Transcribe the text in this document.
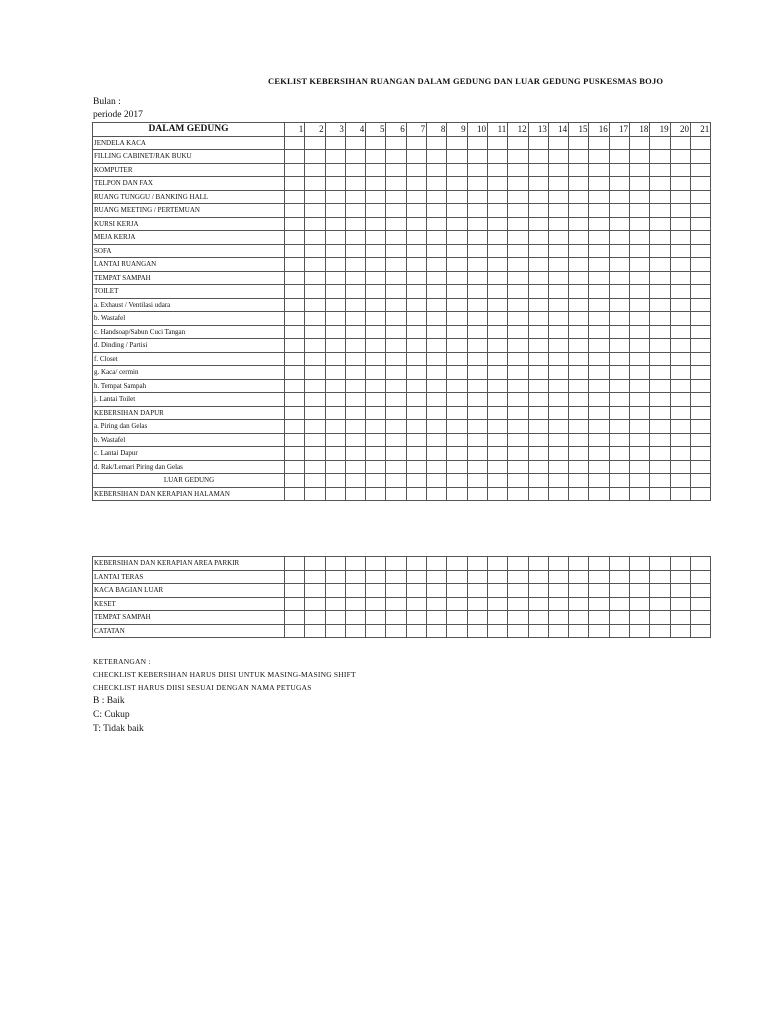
CEKLIST KEBERSIHAN RUANGAN DALAM GEDUNG DAN LUAR GEDUNG PUSKESMAS BOJO
Bulan :
periode 2017
DALAM GEDUNG	1	2	3	4	5	6	7	8	9	10	11	12	13	14	15	16	17	18	19	20	21
JENDELA KACA																					
FILLING CABINET/RAK BUKU																					
KOMPUTER																					
TELPON DAN FAX																					
RUANG TUNGGU / BANKING HALL																					
RUANG MEETING / PERTEMUAN																					
KURSI KERJA																					
MEJA KERJA																					
SOFA																					
LANTAI RUANGAN																					
TEMPAT SAMPAH																					
TOILET																					
a. Exhaust / Ventilasi udara																					
b. Wastafel																					
c. Handsoap/Sabun Cuci Tangan																					
d. Dinding / Partisi																					
f. Closet																					
g. Kaca/ cermin																					
h. Tempat Sampah																					
j. Lantai Toilet																					
KEBERSIHAN DAPUR																					
a. Piring dan Gelas																					
b. Wastafel																					
c. Lantai Dapur																					
d. Rak/Lemari Piring dan Gelas																					
LUAR GEDUNG																					
KEBERSIHAN DAN KERAPIAN HALAMAN																					
KEBERSIHAN DAN KERAPIAN AREA PARKIR																					
LANTAI TERAS																					
KACA BAGIAN LUAR																					
KESET																					
TEMPAT SAMPAH																					
CATATAN																					
KETERANGAN :
CHECKLIST KEBERSIHAN HARUS DIISI UNTUK MASING-MASING SHIFT
CHECKLIST HARUS DIISI SESUAI DENGAN NAMA PETUGAS
B : Baik
C: Cukup
T: Tidak baik
